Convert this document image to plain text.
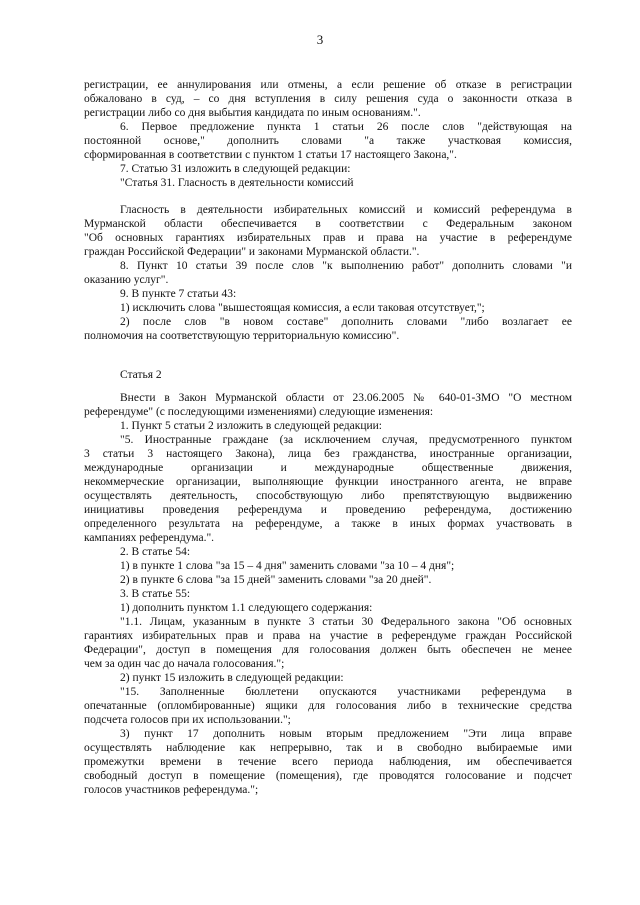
3
регистрации, ее аннулирования или отмены, а если решение об отказе в регистрации
обжаловано в суд, – со дня вступления в силу решения суда о законности отказа в
регистрации либо со дня выбытия кандидата по иным основаниям.".
6. Первое предложение пункта 1 статьи 26 после слов "действующая на
постоянной основе," дополнить словами "а также участковая комиссия,
сформированная в соответствии с пунктом 1 статьи 17 настоящего Закона,".
7. Статью 31 изложить в следующей редакции:
"Статья 31. Гласность в деятельности комиссий
Гласность в деятельности избирательных комиссий и комиссий референдума в
Мурманской области обеспечивается в соответствии с Федеральным законом
"Об основных гарантиях избирательных прав и права на участие в референдуме
граждан Российской Федерации" и законами Мурманской области.".
8. Пункт 10 статьи 39 после слов "к выполнению работ" дополнить словами "и
оказанию услуг".
9. В пункте 7 статьи 43:
1) исключить слова "вышестоящая комиссия, а если таковая отсутствует,";
2) после слов "в новом составе" дополнить словами "либо возлагает ее
полномочия на соответствующую территориальную комиссию".
Статья 2
Внести в Закон Мурманской области от 23.06.2005 № 640-01-ЗМО "О местном
референдуме" (с последующими изменениями) следующие изменения:
1. Пункт 5 статьи 2 изложить в следующей редакции:
"5. Иностранные граждане (за исключением случая, предусмотренного пунктом
3 статьи 3 настоящего Закона), лица без гражданства, иностранные организации,
международные организации и международные общественные движения,
некоммерческие организации, выполняющие функции иностранного агента, не вправе
осуществлять деятельность, способствующую либо препятствующую выдвижению
инициативы проведения референдума и проведению референдума, достижению
определенного результата на референдуме, а также в иных формах участвовать в
кампаниях референдума.".
2. В статье 54:
1) в пункте 1 слова "за 15 – 4 дня" заменить словами "за 10 – 4 дня";
2) в пункте 6 слова "за 15 дней" заменить словами "за 20 дней".
3. В статье 55:
1) дополнить пунктом 1.1 следующего содержания:
"1.1. Лицам, указанным в пункте 3 статьи 30 Федерального закона "Об основных
гарантиях избирательных прав и права на участие в референдуме граждан Российской
Федерации", доступ в помещения для голосования должен быть обеспечен не менее
чем за один час до начала голосования.";
2) пункт 15 изложить в следующей редакции:
"15. Заполненные бюллетени опускаются участниками референдума в
опечатанные (опломбированные) ящики для голосования либо в технические средства
подсчета голосов при их использовании.";
3) пункт 17 дополнить новым вторым предложением "Эти лица вправе
осуществлять наблюдение как непрерывно, так и в свободно выбираемые ими
промежутки времени в течение всего периода наблюдения, им обеспечивается
свободный доступ в помещение (помещения), где проводятся голосование и подсчет
голосов участников референдума.";
